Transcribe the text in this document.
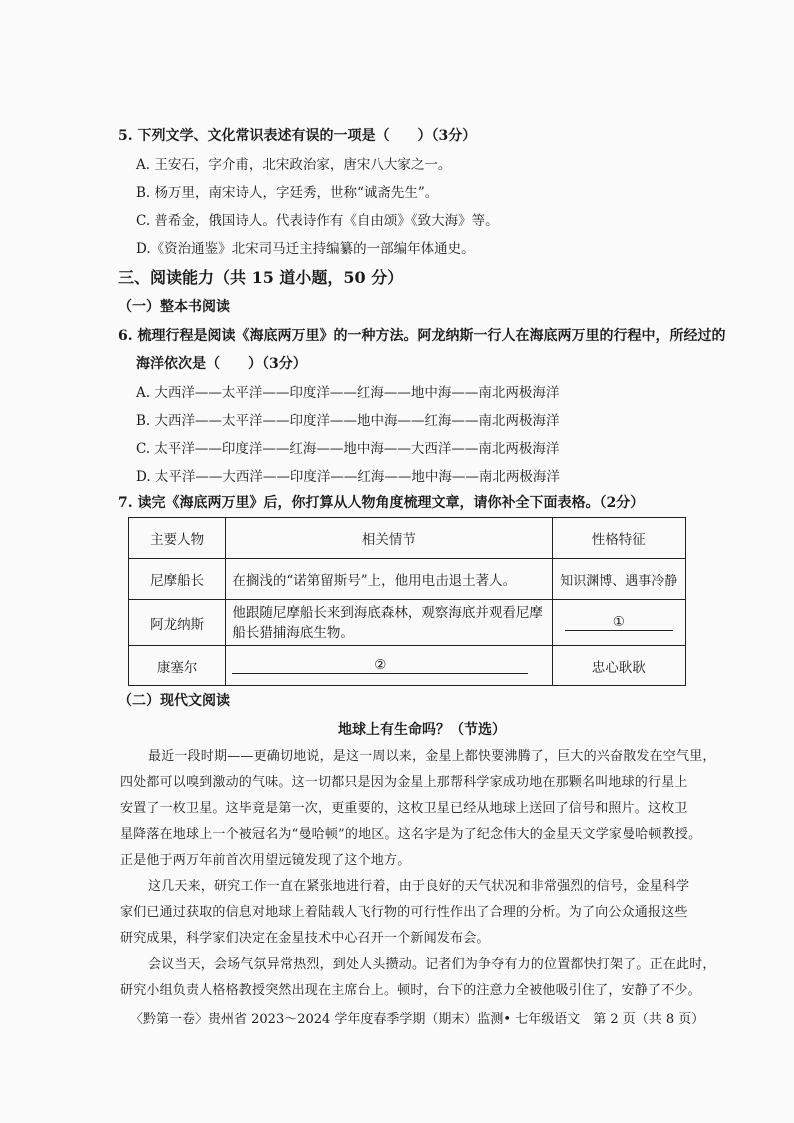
5. 下列文学、文化常识表述有误的一项是（　　）（3分）
A. 王安石，字介甫，北宋政治家，唐宋八大家之一。
B. 杨万里，南宋诗人，字廷秀，世称“诚斋先生”。
C. 普希金，俄国诗人。代表诗作有《自由颂》《致大海》等。
D.《资治通鉴》北宋司马迁主持编纂的一部编年体通史。
三、阅读能力（共 15 道小题，50 分）
（一）整本书阅读
6. 梳理行程是阅读《海底两万里》的一种方法。阿龙纳斯一行人在海底两万里的行程中，所经过的
海洋依次是（　　）（3分）
A. 大西洋——太平洋——印度洋——红海——地中海——南北两极海洋
B. 大西洋——太平洋——印度洋——地中海——红海——南北两极海洋
C. 太平洋——印度洋——红海——地中海——大西洋——南北两极海洋
D. 太平洋——大西洋——印度洋——红海——地中海——南北两极海洋
7. 读完《海底两万里》后，你打算从人物角度梳理文章，请你补全下面表格。（2分）
主要人物	相关情节	性格特征
尼摩船长	在搁浅的“诺第留斯号”上，他用电击退土著人。	知识渊博、遇事冷静
阿龙纳斯	他跟随尼摩船长来到海底森林，观察海底并观看尼摩船长猎捕海底生物。	①
康塞尔	②	忠心耿耿
（二）现代文阅读
地球上有生命吗？（节选）
最近一段时期——更确切地说，是这一周以来，金星上都快要沸腾了，巨大的兴奋散发在空气里，
四处都可以嗅到激动的气味。这一切都只是因为金星上那帮科学家成功地在那颗名叫地球的行星上
安置了一枚卫星。这毕竟是第一次，更重要的，这枚卫星已经从地球上送回了信号和照片。这枚卫
星降落在地球上一个被冠名为“曼哈顿”的地区。这名字是为了纪念伟大的金星天文学家曼哈顿教授。
正是他于两万年前首次用望远镜发现了这个地方。
这几天来，研究工作一直在紧张地进行着，由于良好的天气状况和非常强烈的信号，金星科学
家们已通过获取的信息对地球上着陆载人飞行物的可行性作出了合理的分析。为了向公众通报这些
研究成果，科学家们决定在金星技术中心召开一个新闻发布会。
会议当天，会场气氛异常热烈，到处人头攒动。记者们为争夺有力的位置都快打架了。正在此时，
研究小组负责人格格教授突然出现在主席台上。顿时，台下的注意力全被他吸引住了，安静了不少。
〈黔第一卷〉贵州省 2023～2024 学年度春季学期（期末）监测• 七年级语文　第 2 页（共 8 页）
